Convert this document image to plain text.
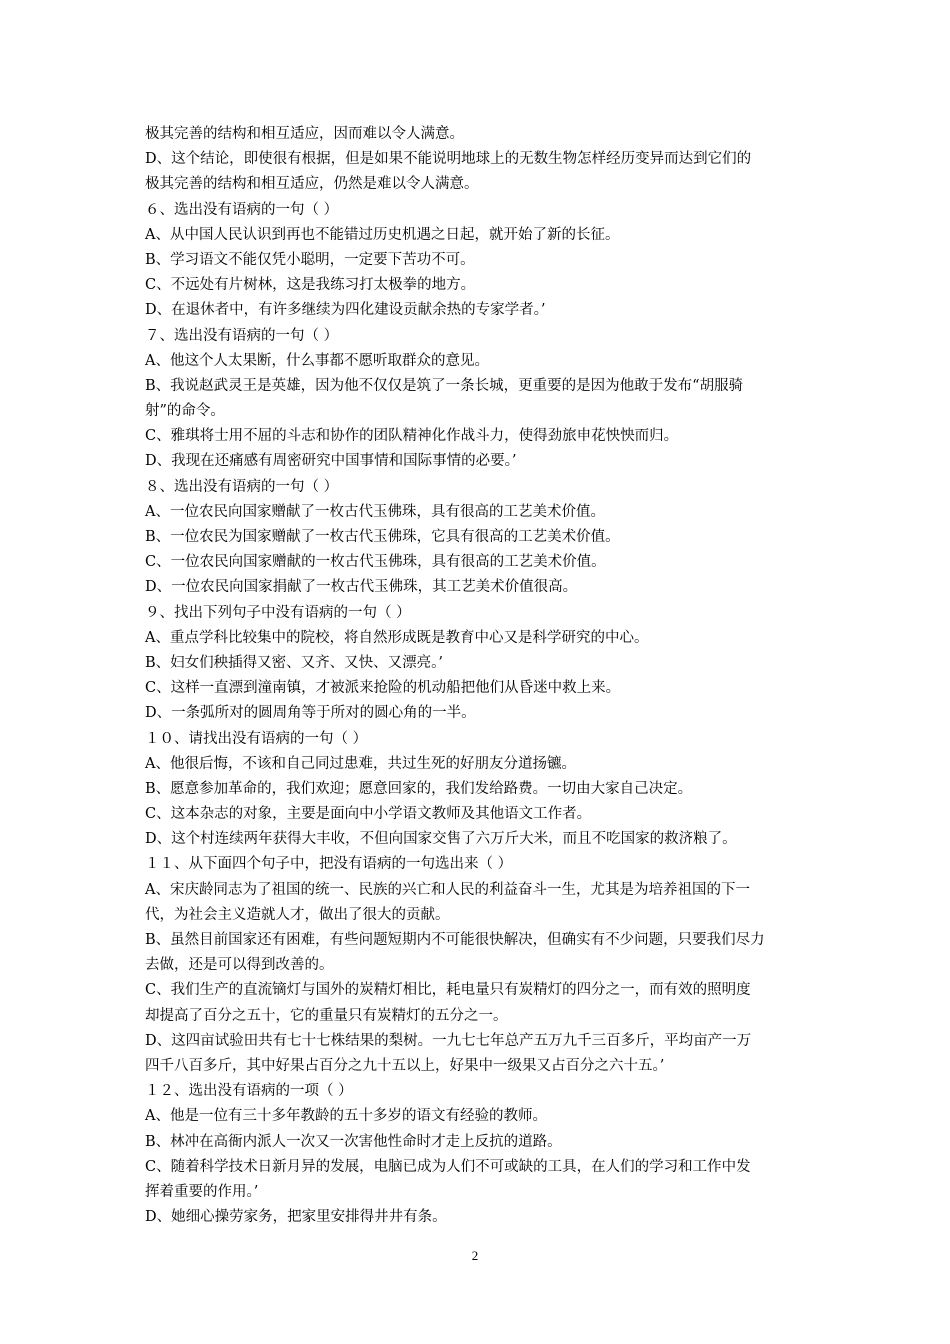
极其完善的结构和相互适应，因而难以令人满意。
D、这个结论，即使很有根据，但是如果不能说明地球上的无数生物怎样经历变异而达到它们的
极其完善的结构和相互适应，仍然是难以令人满意。
６、选出没有语病的一句（ ）
A、从中国人民认识到再也不能错过历史机遇之日起，就开始了新的长征。
B、学习语文不能仅凭小聪明，一定要下苦功不可。
C、不远处有片树林，这是我练习打太极拳的地方。
D、在退休者中，有许多继续为四化建设贡献余热的专家学者。’
７、选出没有语病的一句（ ）
A、他这个人太果断，什么事都不愿听取群众的意见。
B、我说赵武灵王是英雄，因为他不仅仅是筑了一条长城，更重要的是因为他敢于发布“胡服骑
射”的命令。
C、雅琪将士用不屈的斗志和协作的团队精神化作战斗力，使得劲旅申花怏怏而归。
D、我现在还痛感有周密研究中国事情和国际事情的必要。’
８、选出没有语病的一句（ ）
A、一位农民向国家赠献了一枚古代玉佛珠，具有很高的工艺美术价值。
B、一位农民为国家赠献了一枚古代玉佛珠，它具有很高的工艺美术价值。
C、一位农民向国家赠献的一枚古代玉佛珠，具有很高的工艺美术价值。
D、一位农民向国家捐献了一枚古代玉佛珠，其工艺美术价值很高。
９、找出下列句子中没有语病的一句（ ）
A、重点学科比较集中的院校，将自然形成既是教育中心又是科学研究的中心。
B、妇女们秧插得又密、又齐、又快、又漂亮。’
C、这样一直漂到潼南镇，才被派来抢险的机动船把他们从昏迷中救上来。
D、一条弧所对的圆周角等于所对的圆心角的一半。
１０、请找出没有语病的一句（ ）
A、他很后悔，不该和自己同过患难，共过生死的好朋友分道扬镳。
B、愿意参加革命的，我们欢迎；愿意回家的，我们发给路费。一切由大家自己决定。
C、这本杂志的对象，主要是面向中小学语文教师及其他语文工作者。
D、这个村连续两年获得大丰收，不但向国家交售了六万斤大米，而且不吃国家的救济粮了。
１１、从下面四个句子中，把没有语病的一句选出来（ ）
A、宋庆龄同志为了祖国的统一、民族的兴亡和人民的利益奋斗一生，尤其是为培养祖国的下一
代，为社会主义造就人才，做出了很大的贡献。
B、虽然目前国家还有困难，有些问题短期内不可能很快解决，但确实有不少问题，只要我们尽力
去做，还是可以得到改善的。
C、我们生产的直流镝灯与国外的炭精灯相比，耗电量只有炭精灯的四分之一，而有效的照明度
却提高了百分之五十，它的重量只有炭精灯的五分之一。
D、这四亩试验田共有七十七株结果的梨树。一九七七年总产五万九千三百多斤，平均亩产一万
四千八百多斤，其中好果占百分之九十五以上，好果中一级果又占百分之六十五。’
１２、选出没有语病的一项（ ）
A、他是一位有三十多年教龄的五十多岁的语文有经验的教师。
B、林冲在高衙内派人一次又一次害他性命时才走上反抗的道路。
C、随着科学技术日新月异的发展，电脑已成为人们不可或缺的工具，在人们的学习和工作中发
挥着重要的作用。’
D、她细心操劳家务，把家里安排得井井有条。
2
